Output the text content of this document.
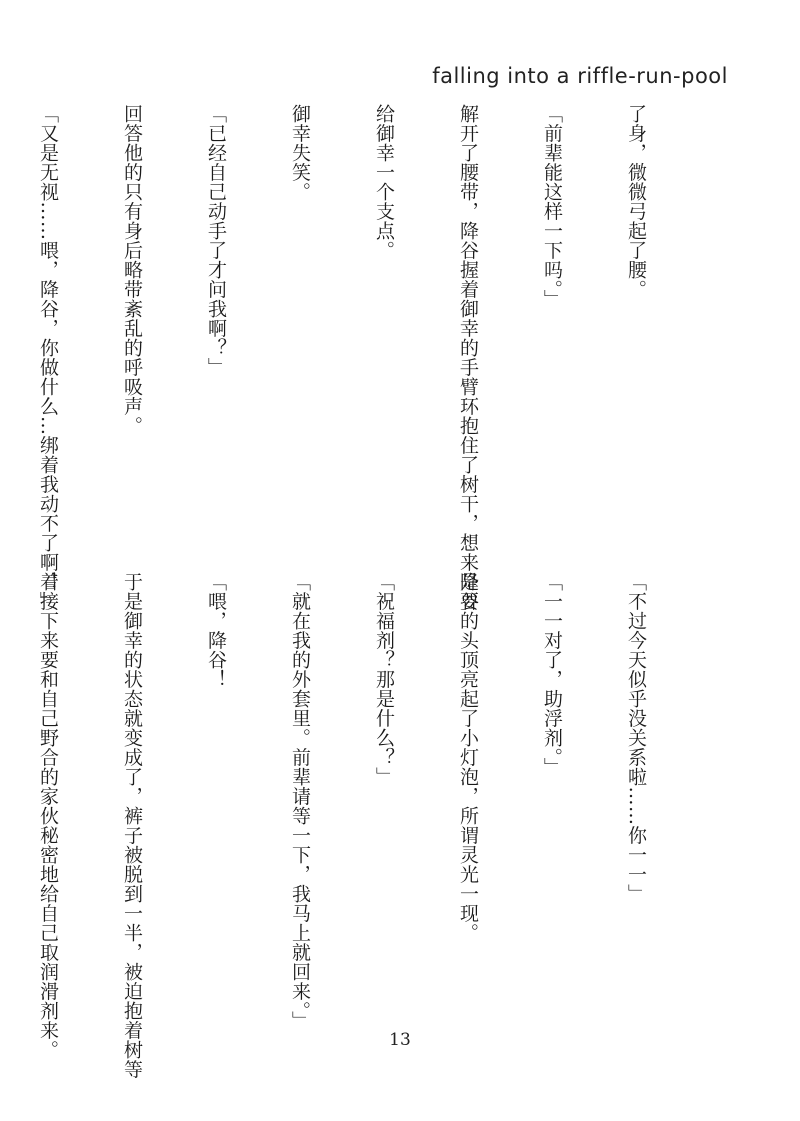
falling into a riffle-run-pool

了身，微微弓起了腰。

「前辈能这样一下吗。」

解开了腰带，降谷握着御幸的手臂环抱住了树干，想来是要

给御幸一个支点。

御幸失笑。

「已经自己动手了才问我啊？」

回答他的只有身后略带紊乱的呼吸声。

「又是无视……喂，降谷，你做什么…绑着我动不了啊！」

「不过今天似乎没关系啦……你一一」

「一一对了，助浮剂。」

降谷的头顶亮起了小灯泡，所谓灵光一现。

「祝福剂？那是什么？」

「就在我的外套里。前辈请等一下，我马上就回来。」

「喂，降谷！

于是御幸的状态就变成了，裤子被脱到一半，被迫抱着树等

着接下来要和自己野合的家伙秘密地给自己取润滑剂来。

	13
